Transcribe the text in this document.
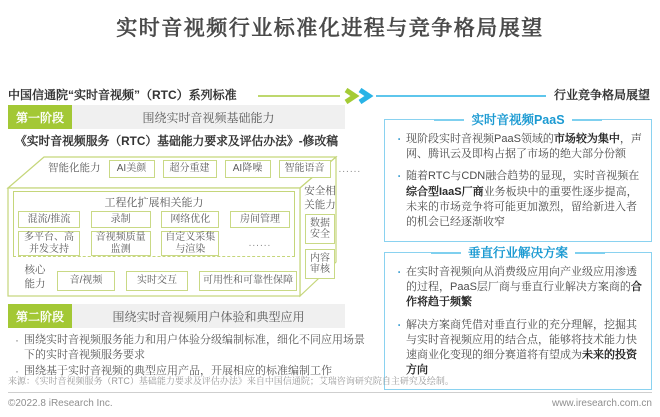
实时音视频行业标准化进程与竞争格局展望
中国信通院“实时音视频”（RTC）系列标准	行业竞争格局展望
第一阶段	围绕实时音视频基础能力
《实时音视频服务（RTC）基础能力要求及评估办法》-修改稿
智能化能力	AI美颜	超分重建	AI降噪	智能语音	......
工程化扩展相关能力
混流/推流	录制	网络优化	房间管理
多平台、高并发支持
音视频质量监测
自定义采集与渲染	......
核心能力	音/视频	实时交互	可用性和可靠性保障
安全相关能力
数据安全
内容审核
第二阶段	围绕实时音视频用户体验和典型应用
· 围绕实时音视频服务能力和用户体验分级编制标准，细化不同应用场景下的实时音视频服务要求
· 围绕基于实时音视频的典型应用产品，开展相应的标准编制工作
实时音视频PaaS
· 现阶段实时音视频PaaS领域的市场较为集中，声网、腾讯云及即构占据了市场的绝大部分份额
· 随着RTC与CDN融合趋势的显现，实时音视频在综合型IaaS厂商业务板块中的重要性逐步提高，未来的市场竞争将可能更加激烈，留给新进入者的机会已经逐渐收窄
垂直行业解决方案
· 在实时音视频向从消费级应用向产业级应用渗透的过程，PaaS层厂商与垂直行业解决方案商的合作将趋于频繁
· 解决方案商凭借对垂直行业的充分理解，挖掘其与实时音视频应用的结合点，能够将技术能力快速商业化变现的细分赛道将有望成为未来的投资方向
来源：《实时音视频服务（RTC）基础能力要求及评估办法》来自中国信通院；艾瑞咨询研究院自主研究及绘制。
©2022.8 iResearch Inc.	www.iresearch.com.cn
